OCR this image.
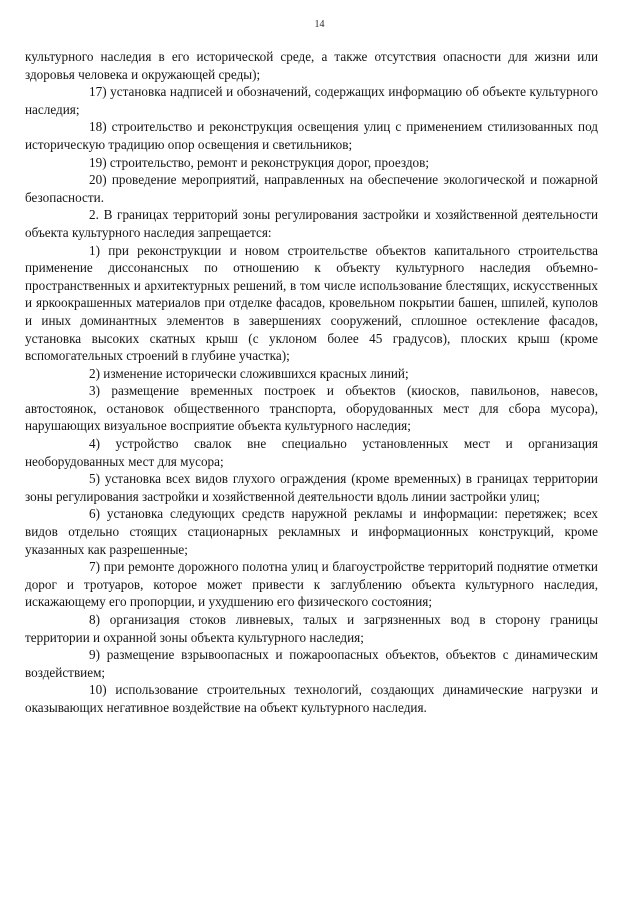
14

культурного наследия в его исторической среде, а также отсутствия опасности для жизни или здоровья человека и окружающей среды);

17) установка надписей и обозначений, содержащих информацию об объекте культурного наследия;

18) строительство и реконструкция освещения улиц с применением стилизованных под историческую традицию опор освещения и светильников;

19) строительство, ремонт и реконструкция дорог, проездов;

20) проведение мероприятий, направленных на обеспечение экологической и пожарной безопасности.

2. В границах территорий зоны регулирования застройки и хозяйственной деятельности объекта культурного наследия запрещается:

1) при реконструкции и новом строительстве объектов капитального строительства применение диссонансных по отношению к объекту культурного наследия объемно-пространственных и архитектурных решений, в том числе использование блестящих, искусственных и яркоокрашенных материалов при отделке фасадов, кровельном покрытии башен, шпилей, куполов и иных доминантных элементов в завершениях сооружений, сплошное остекление фасадов, установка высоких скатных крыш (с уклоном более 45 градусов), плоских крыш (кроме вспомогательных строений в глубине участка);

2) изменение исторически сложившихся красных линий;

3) размещение временных построек и объектов (киосков, павильонов, навесов, автостоянок, остановок общественного транспорта, оборудованных мест для сбора мусора), нарушающих визуальное восприятие объекта культурного наследия;

4) устройство свалок вне специально установленных мест и организация необорудованных мест для мусора;

5) установка всех видов глухого ограждения (кроме временных) в границах территории зоны регулирования застройки и хозяйственной деятельности вдоль линии застройки улиц;

6) установка следующих средств наружной рекламы и информации: перетяжек; всех видов отдельно стоящих стационарных рекламных и информационных конструкций, кроме указанных как разрешенные;

7) при ремонте дорожного полотна улиц и благоустройстве территорий поднятие отметки дорог и тротуаров, которое может привести к заглублению объекта культурного наследия, искажающему его пропорции, и ухудшению его физического состояния;

8) организация стоков ливневых, талых и загрязненных вод в сторону границы территории и охранной зоны объекта культурного наследия;

9) размещение взрывоопасных и пожароопасных объектов, объектов с динамическим воздействием;

10) использование строительных технологий, создающих динамические нагрузки и оказывающих негативное воздействие на объект культурного наследия.
